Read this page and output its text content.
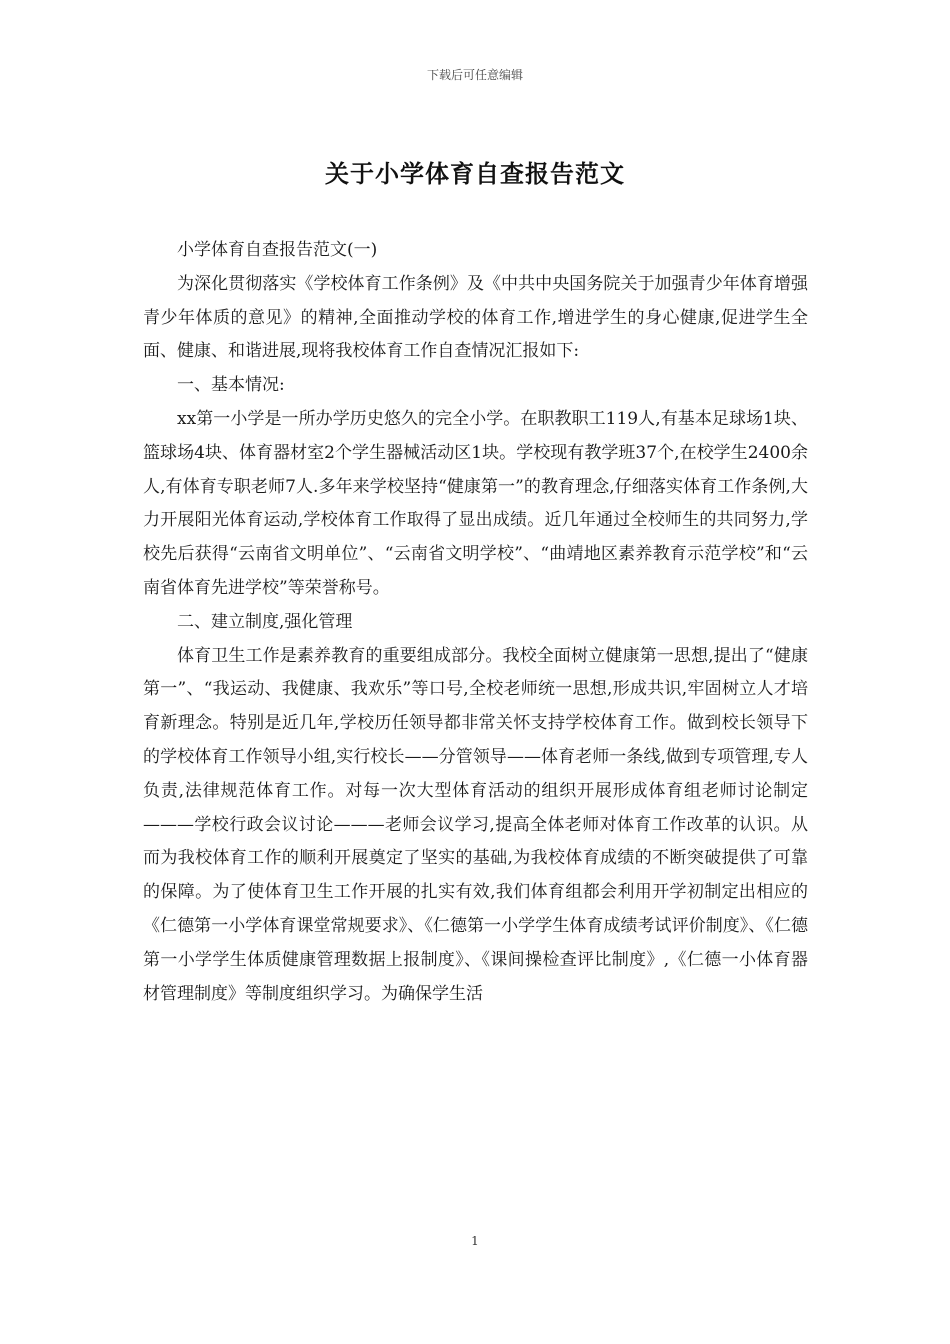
下载后可任意编辑
关于小学体育自查报告范文

小学体育自查报告范文(一)

为深化贯彻落实《学校体育工作条例》及《中共中央国务院关于加强青少年体育增强青少年体质的意见》的精神,全面推动学校的体育工作,增进学生的身心健康,促进学生全面、健康、和谐进展,现将我校体育工作自查情况汇报如下:

一、基本情况:

xx第一小学是一所办学历史悠久的完全小学。在职教职工119人,有基本足球场1块、篮球场4块、体育器材室2个学生器械活动区1块。学校现有教学班37个,在校学生2400余人,有体育专职老师7人.多年来学校坚持“健康第一”的教育理念,仔细落实体育工作条例,大力开展阳光体育运动,学校体育工作取得了显出成绩。近几年通过全校师生的共同努力,学校先后获得“云南省文明单位”、“云南省文明学校”、“曲靖地区素养教育示范学校”和“云南省体育先进学校”等荣誉称号。

二、建立制度,强化管理

体育卫生工作是素养教育的重要组成部分。我校全面树立健康第一思想,提出了“健康第一”、“我运动、我健康、我欢乐”等口号,全校老师统一思想,形成共识,牢固树立人才培育新理念。特别是近几年,学校历任领导都非常关怀支持学校体育工作。做到校长领导下的学校体育工作领导小组,实行校长——分管领导——体育老师一条线,做到专项管理,专人负责,法律规范体育工作。对每一次大型体育活动的组织开展形成体育组老师讨论制定———学校行政会议讨论———老师会议学习,提高全体老师对体育工作改革的认识。从而为我校体育工作的顺利开展奠定了坚实的基础,为我校体育成绩的不断突破提供了可靠的保障。为了使体育卫生工作开展的扎实有效,我们体育组都会利用开学初制定出相应的《仁德第一小学体育课堂常规要求》、《仁德第一小学学生体育成绩考试评价制度》、《仁德第一小学学生体质健康管理数据上报制度》、《课间操检查评比制度》,《仁德一小体育器材管理制度》等制度组织学习。为确保学生活

1
